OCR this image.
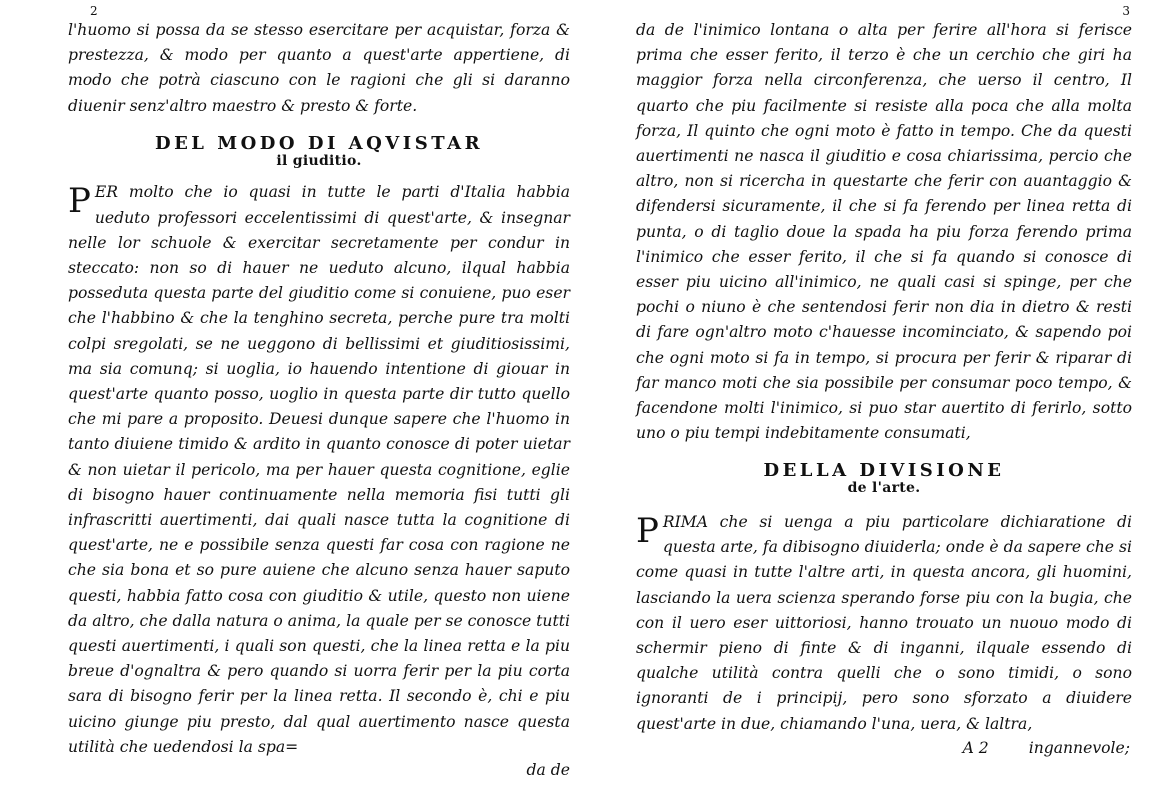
2

l'huomo si possa da se stesso esercitare per acquistar, forza & prestezza, & modo per quanto a quest'arte appertiene, di modo che potrà ciascuno con le ragioni che gli si daranno diuenir senz'altro maestro & presto & forte.

DEL MODO DI AQVISTAR
il giuditio.

PER molto che io quasi in tutte le parti d'Italia habbia ueduto professori eccelentissimi di quest'arte, & insegnar nelle lor schuole & exercitar secretamente per condur in steccato: non so di hauer ne ueduto alcuno, ilqual habbia posseduta questa parte del giuditio come si conuiene, puo eser che l'habbino & che la tenghino secreta, perche pure tra molti colpi sregolati, se ne ueggono di bellissimi et giuditiosissimi, ma sia comunq; si uoglia, io hauendo intentione di giouar in quest'arte quanto posso, uoglio in questa parte dir tutto quello che mi pare a proposito. Deuesi dunque sapere che l'huomo in tanto diuiene timido & ardito in quanto conosce di poter uietar & non uietar il pericolo, ma per hauer questa cognitione, eglie di bisogno hauer continuamente nella memoria fisi tutti gli infrascritti auertimenti, dai quali nasce tutta la cognitione di quest'arte, ne e possibile senza questi far cosa con ragione ne che sia bona et so pure auiene che alcuno senza hauer saputo questi, habbia fatto cosa con giuditio & utile, questo non uiene da altro, che dalla natura o anima, la quale per se conosce tutti questi auertimenti, i quali son questi, che la linea retta e la piu breue d'ognaltra & pero quando si uorra ferir per la piu corta sara di bisogno ferir per la linea retta. Il secondo è, chi e piu uicino giunge piu presto, dal qual auertimento nasce questa utilità che uedendosi la spa=

da de

3

da de l'inimico lontana o alta per ferire all'hora si ferisce prima che esser ferito, il terzo è che un cerchio che giri ha maggior forza nella circonferenza, che uerso il centro, Il quarto che piu facilmente si resiste alla poca che alla molta forza, Il quinto che ogni moto è fatto in tempo. Che da questi auertimenti ne nasca il giuditio e cosa chiarissima, percio che altro, non si ricercha in questarte che ferir con auantaggio & difendersi sicuramente, il che si fa ferendo per linea retta di punta, o di taglio doue la spada ha piu forza ferendo prima l'inimico che esser ferito, il che si fa quando si conosce di esser piu uicino all'inimico, ne quali casi si spinge, per che pochi o niuno è che sentendosi ferir non dia in dietro & resti di fare ogn'altro moto c'hauesse incominciato, & sapendo poi che ogni moto si fa in tempo, si procura per ferir & riparar di far manco moti che sia possibile per consumar poco tempo, & facendone molti l'inimico, si puo star auertito di ferirlo, sotto uno o piu tempi indebitamente consumati,

DELLA DIVISIONE
de l'arte.

PRIMA che si uenga a piu particolare dichiaratione di questa arte, fa dibisogno diuiderla; onde è da sapere che si come quasi in tutte l'altre arti, in questa ancora, gli huomini, lasciando la uera scienza sperando forse piu con la bugia, che con il uero eser uittoriosi, hanno trouato un nuouo modo di schermir pieno di finte & di inganni, ilquale essendo di qualche utilità contra quelli che o sono timidi, o sono ignoranti de i principij, pero sono sforzato a diuidere quest'arte in due, chiamando l'una, uera, & laltra,

A 2	ingannevole;
